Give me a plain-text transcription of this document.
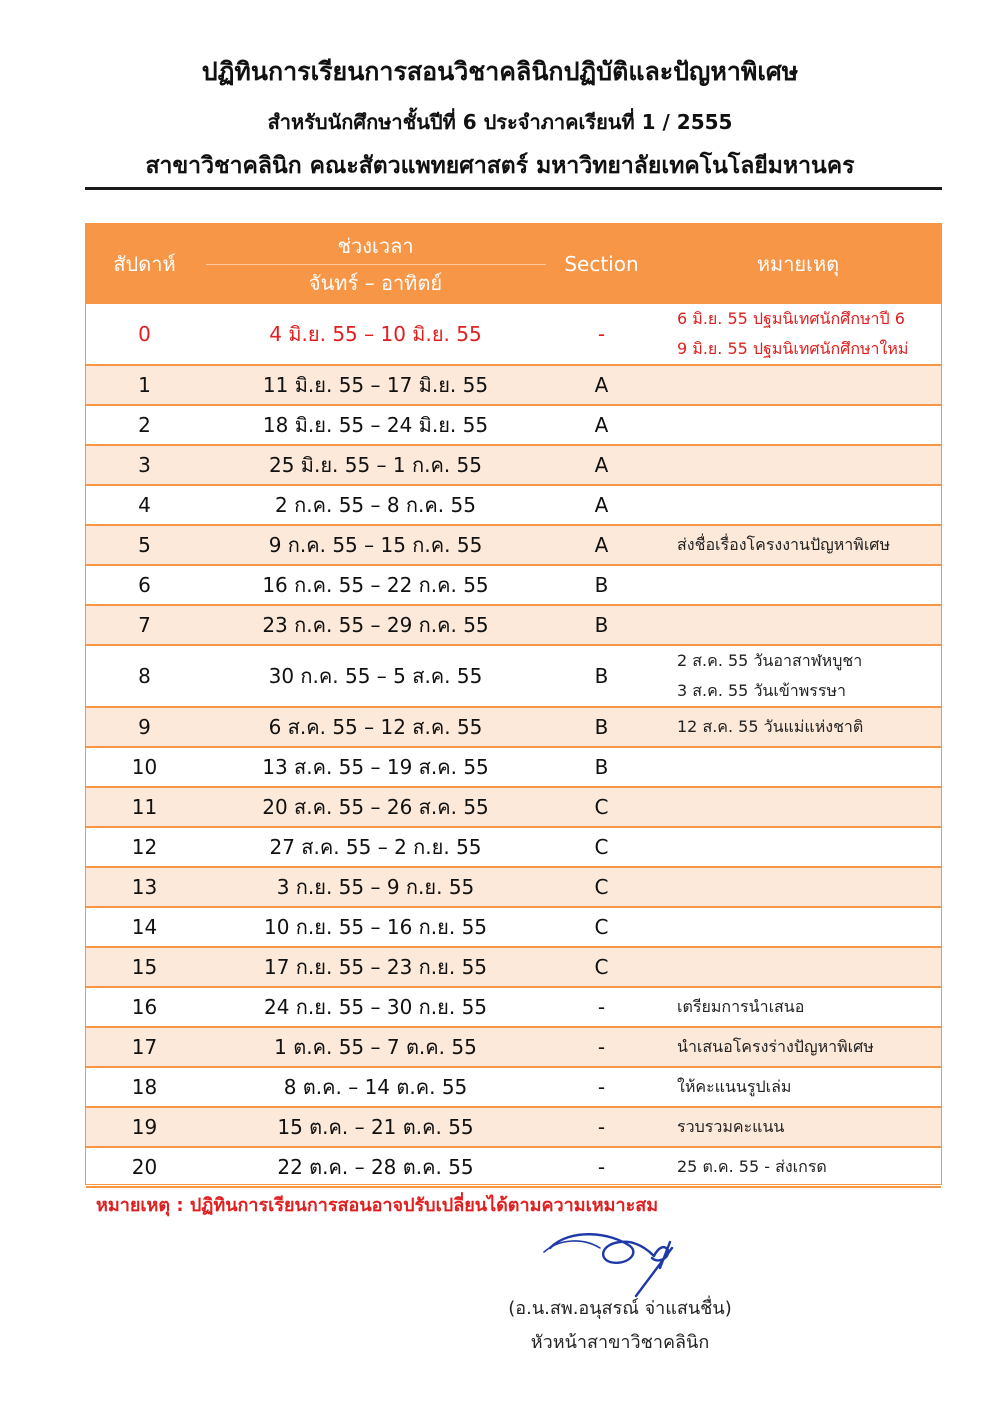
ปฏิทินการเรียนการสอนวิชาคลินิกปฏิบัติและปัญหาพิเศษ
สำหรับนักศึกษาชั้นปีที่ 6 ประจำภาคเรียนที่ 1 / 2555
สาขาวิชาคลินิก คณะสัตวแพทยศาสตร์ มหาวิทยาลัยเทคโนโลยีมหานคร
สัปดาห์	ช่วงเวลา
จันทร์ – อาทิตย์	Section	หมายเหตุ
0	4 มิ.ย. 55 – 10 มิ.ย. 55	-	6 มิ.ย. 55 ปฐมนิเทศนักศึกษาปี 6
9 มิ.ย. 55 ปฐมนิเทศนักศึกษาใหม่

1	11 มิ.ย. 55 – 17 มิ.ย. 55	A	

2	18 มิ.ย. 55 – 24 มิ.ย. 55	A	

3	25 มิ.ย. 55 – 1 ก.ค. 55	A	

4	2 ก.ค. 55 – 8 ก.ค. 55	A	

5	9 ก.ค. 55 – 15 ก.ค. 55	A	ส่งชื่อเรื่องโครงงานปัญหาพิเศษ

6	16 ก.ค. 55 – 22 ก.ค. 55	B	

7	23 ก.ค. 55 – 29 ก.ค. 55	B	

8	30 ก.ค. 55 – 5 ส.ค. 55	B	2 ส.ค. 55 วันอาสาฬหบูชา
3 ส.ค. 55 วันเข้าพรรษา

9	6 ส.ค. 55 – 12 ส.ค. 55	B	12 ส.ค. 55 วันแม่แห่งชาติ

10	13 ส.ค. 55 – 19 ส.ค. 55	B	

11	20 ส.ค. 55 – 26 ส.ค. 55	C	

12	27 ส.ค. 55 – 2 ก.ย. 55	C	

13	3 ก.ย. 55 – 9 ก.ย. 55	C	

14	10 ก.ย. 55 – 16 ก.ย. 55	C	

15	17 ก.ย. 55 – 23 ก.ย. 55	C	

16	24 ก.ย. 55 – 30 ก.ย. 55	-	เตรียมการนำเสนอ

17	1 ต.ค. 55 – 7 ต.ค. 55	-	นำเสนอโครงร่างปัญหาพิเศษ

18	8 ต.ค. – 14 ต.ค. 55	-	ให้คะแนนรูปเล่ม

19	15 ต.ค. – 21 ต.ค. 55	-	รวบรวมคะแนน

20	22 ต.ค. – 28 ต.ค. 55	-	25 ต.ค. 55 - ส่งเกรด
หมายเหตุ : ปฏิทินการเรียนการสอนอาจปรับเปลี่ยนได้ตามความเหมาะสม
(อ.น.สพ.อนุสรณ์ จ่าแสนชื่น)
หัวหน้าสาขาวิชาคลินิก
